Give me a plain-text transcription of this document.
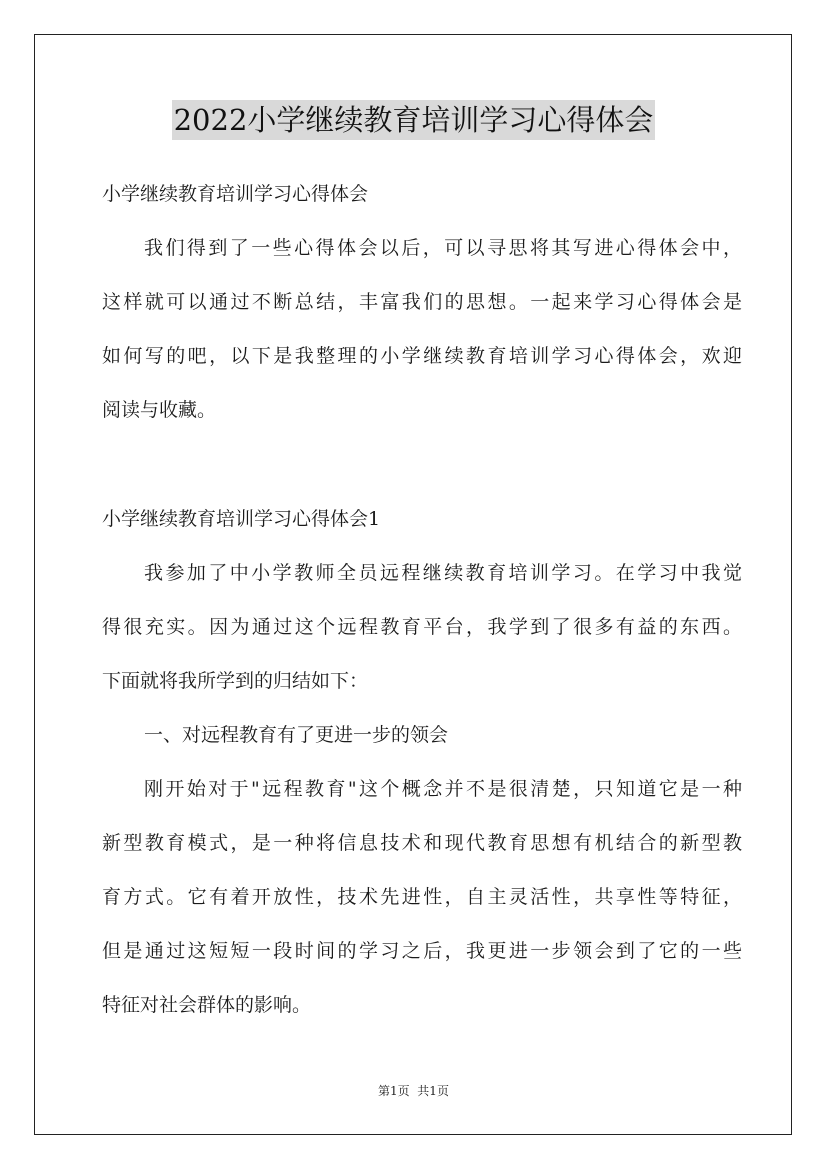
2022小学继续教育培训学习心得体会
小学继续教育培训学习心得体会
我们得到了一些心得体会以后，可以寻思将其写进心得体会中，
这样就可以通过不断总结，丰富我们的思想。一起来学习心得体会是
如何写的吧，以下是我整理的小学继续教育培训学习心得体会，欢迎
阅读与收藏。
小学继续教育培训学习心得体会1
我参加了中小学教师全员远程继续教育培训学习。在学习中我觉
得很充实。因为通过这个远程教育平台，我学到了很多有益的东西。
下面就将我所学到的归结如下：
一、对远程教育有了更进一步的领会
刚开始对于"远程教育"这个概念并不是很清楚，只知道它是一种
新型教育模式，是一种将信息技术和现代教育思想有机结合的新型教
育方式。它有着开放性，技术先进性，自主灵活性，共享性等特征，
但是通过这短短一段时间的学习之后，我更进一步领会到了它的一些
特征对社会群体的影响。
第1页  共1页
